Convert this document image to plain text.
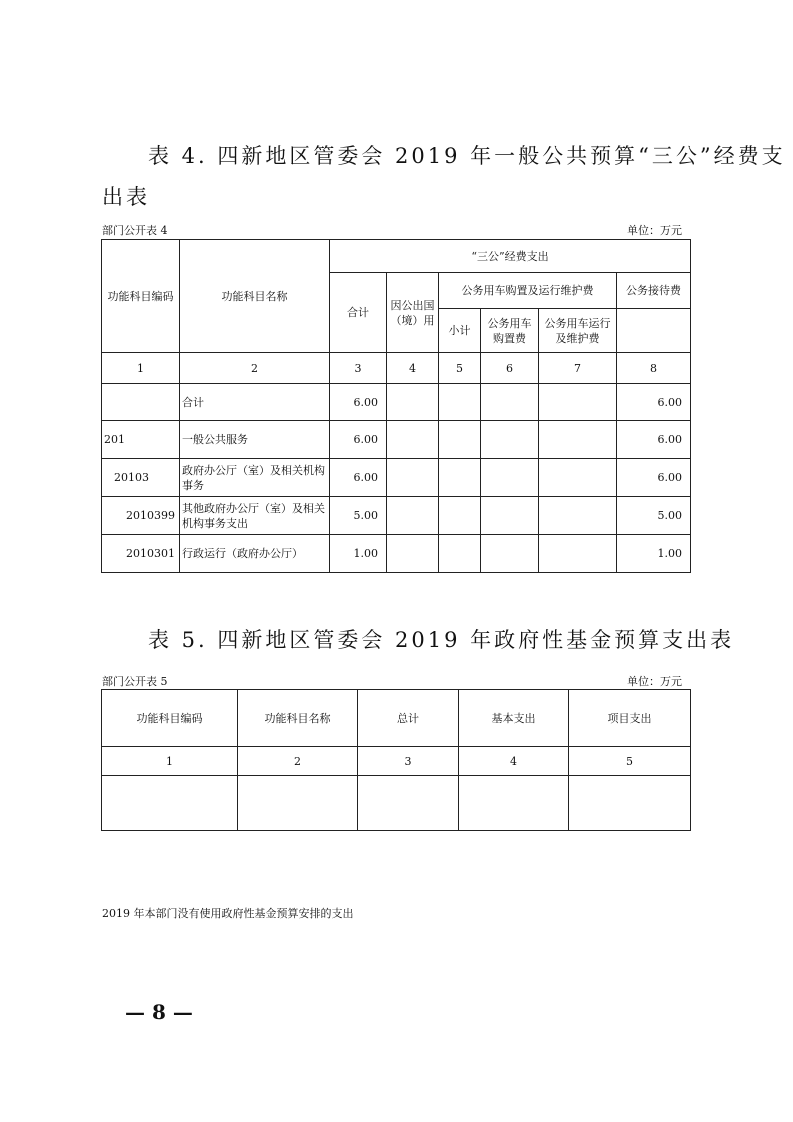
表 4. 四新地区管委会 2019 年一般公共预算“三公”经费支
出表
部门公开表 4	单位：万元
功能科目编码	功能科目名称	“三公”经费支出					
		合计	因公出国（境）用	公务用车购置及运行维护费			公务接待费
				小计	公务用车购置费	公务用车运行及维护费	
1	2	3	4	5	6	7	8
	合计	6.00					6.00
201	一般公共服务	6.00					6.00
20103	政府办公厅（室）及相关机构事务	6.00					6.00
2010399	其他政府办公厅（室）及相关机构事务支出	5.00					5.00
2010301	行政运行（政府办公厅）	1.00					1.00
表 5. 四新地区管委会 2019 年政府性基金预算支出表
部门公开表 5	单位：万元
功能科目编码	功能科目名称	总计	基本支出	项目支出
1	2	3	4	5

2019 年本部门没有使用政府性基金预算安排的支出
— 8 —
